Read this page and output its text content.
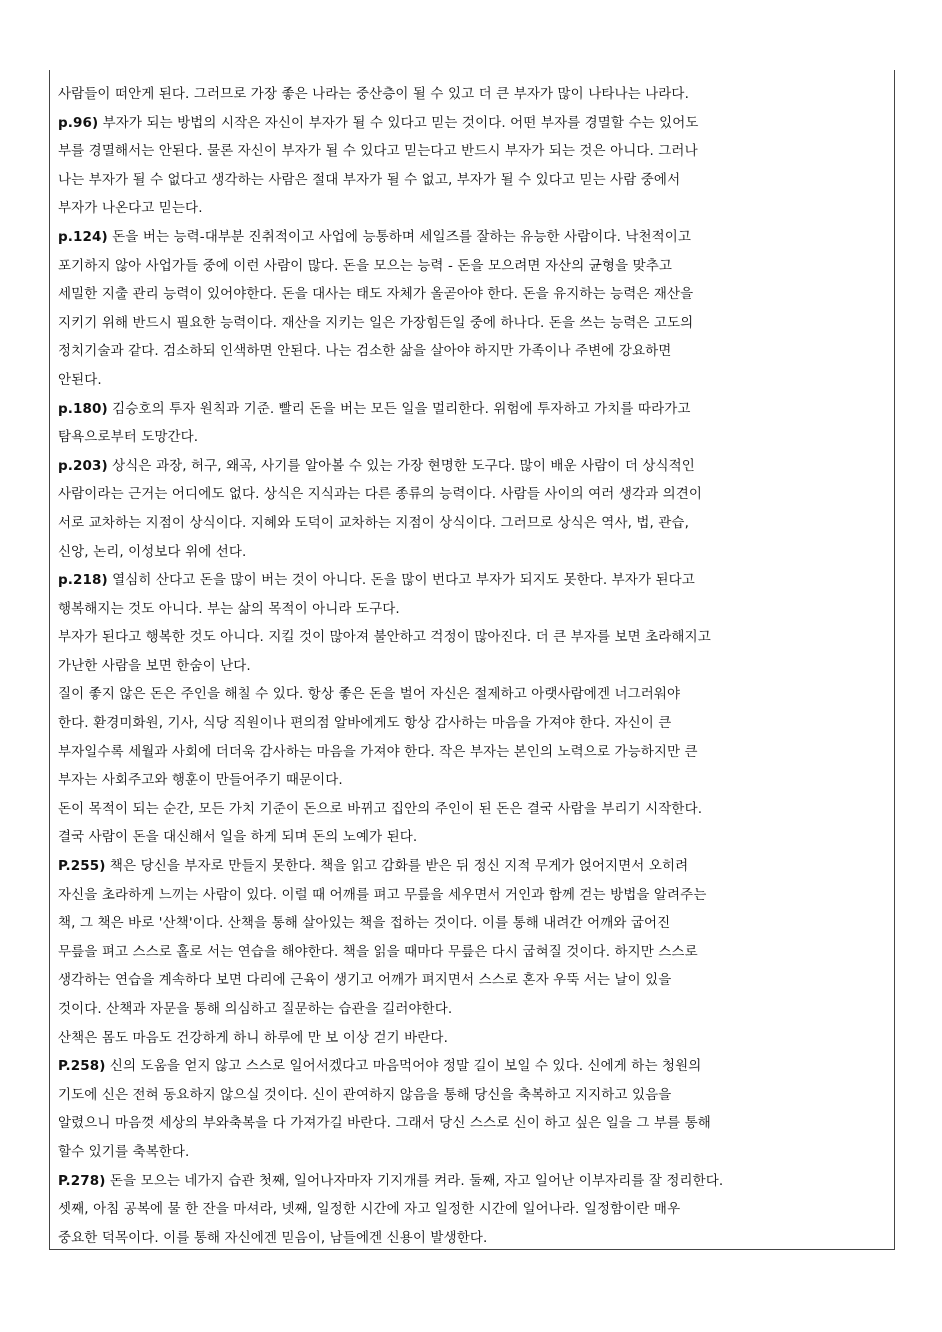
사람들이 떠안게 된다. 그러므로 가장 좋은 나라는 중산층이 될 수 있고 더 큰 부자가 많이 나타나는 나라다.
p.96) 부자가 되는 방법의 시작은 자신이 부자가 될 수 있다고 믿는 것이다. 어떤 부자를 경멸할 수는 있어도
부를 경멸해서는 안된다. 물론 자신이 부자가 될 수 있다고 믿는다고 반드시 부자가 되는 것은 아니다. 그러나
나는 부자가 될 수 없다고 생각하는 사람은 절대 부자가 될 수 없고, 부자가 될 수 있다고 믿는 사람 중에서
부자가 나온다고 믿는다.
p.124) 돈을 버는 능력-대부분 진취적이고 사업에 능통하며 세일즈를 잘하는 유능한 사람이다. 낙천적이고
포기하지 않아 사업가들 중에 이런 사람이 많다. 돈을 모으는 능력 - 돈을 모으려면 자산의 균형을 맞추고
세밀한 지출 관리 능력이 있어야한다. 돈을 대사는 태도 자체가 올곧아야 한다. 돈을 유지하는 능력은 재산을
지키기 위해 반드시 필요한 능력이다. 재산을 지키는 일은 가장힘든일 중에 하나다. 돈을 쓰는 능력은 고도의
정치기술과 같다. 검소하되 인색하면 안된다. 나는 검소한 삶을 살아야 하지만 가족이나 주변에 강요하면
안된다.
p.180) 김승호의 투자 원칙과 기준. 빨리 돈을 버는 모든 일을 멀리한다. 위험에 투자하고 가치를 따라가고
탐욕으로부터 도망간다.
p.203) 상식은 과장, 허구, 왜곡, 사기를 알아볼 수 있는 가장 현명한 도구다. 많이 배운 사람이 더 상식적인
사람이라는 근거는 어디에도 없다. 상식은 지식과는 다른 종류의 능력이다. 사람들 사이의 여러 생각과 의견이
서로 교차하는 지점이 상식이다. 지혜와 도덕이 교차하는 지점이 상식이다. 그러므로 상식은 역사, 법, 관습,
신앙, 논리, 이성보다 위에 선다.
p.218) 열심히 산다고 돈을 많이 버는 것이 아니다. 돈을 많이 번다고 부자가 되지도 못한다. 부자가 된다고
행복해지는 것도 아니다. 부는 삶의 목적이 아니라 도구다.
부자가 된다고 행복한 것도 아니다. 지킬 것이 많아져 불안하고 걱정이 많아진다. 더 큰 부자를 보면 초라해지고
가난한 사람을 보면 한숨이 난다.
질이 좋지 않은 돈은 주인을 해칠 수 있다. 항상 좋은 돈을 벌어 자신은 절제하고 아랫사람에겐 너그러워야
한다. 환경미화원, 기사, 식당 직원이나 편의점 알바에게도 항상 감사하는 마음을 가져야 한다. 자신이 큰
부자일수록 세월과 사회에 더더욱 감사하는 마음을 가져야 한다. 작은 부자는 본인의 노력으로 가능하지만 큰
부자는 사회주고와 행훈이 만들어주기 때문이다.
돈이 목적이 되는 순간, 모든 가치 기준이 돈으로 바뀌고 집안의 주인이 된 돈은 결국 사람을 부리기 시작한다.
결국 사람이 돈을 대신해서 일을 하게 되며 돈의 노예가 된다.
P.255) 책은 당신을 부자로 만들지 못한다. 책을 읽고 감화를 받은 뒤 정신 지적 무게가 얹어지면서 오히려
자신을 초라하게 느끼는 사람이 있다. 이럴 때 어깨를 펴고 무릎을 세우면서 거인과 함께 걷는 방법을 알려주는
책, 그 책은 바로 '산책'이다. 산책을 통해 살아있는 책을 접하는 것이다. 이를 통해 내려간 어깨와 굽어진
무릎을 펴고 스스로 홀로 서는 연습을 해야한다. 책을 읽을 때마다 무릎은 다시 굽혀질 것이다. 하지만 스스로
생각하는 연습을 계속하다 보면 다리에 근육이 생기고 어깨가 펴지면서 스스로 혼자 우뚝 서는 날이 있을
것이다. 산책과 자문을 통해 의심하고 질문하는 습관을 길러야한다.
산책은 몸도 마음도 건강하게 하니 하루에 만 보 이상 걷기 바란다.
P.258) 신의 도움을 얻지 않고 스스로 일어서겠다고 마음먹어야 정말 길이 보일 수 있다. 신에게 하는 청원의
기도에 신은 전혀 동요하지 않으실 것이다. 신이 관여하지 않음을 통해 당신을 축복하고 지지하고 있음을
알렸으니 마음껏 세상의 부와축복을 다 가져가길 바란다. 그래서 당신 스스로 신이 하고 싶은 일을 그 부를 통해
할수 있기를 축복한다.
P.278) 돈을 모으는 네가지 습관 첫째, 일어나자마자 기지개를 켜라. 둘째, 자고 일어난 이부자리를 잘 정리한다.
셋째, 아침 공복에 물 한 잔을 마셔라, 넷째, 일정한 시간에 자고 일정한 시간에 일어나라. 일정함이란 매우
중요한 덕목이다. 이를 통해 자신에겐 믿음이, 남들에겐 신용이 발생한다.
